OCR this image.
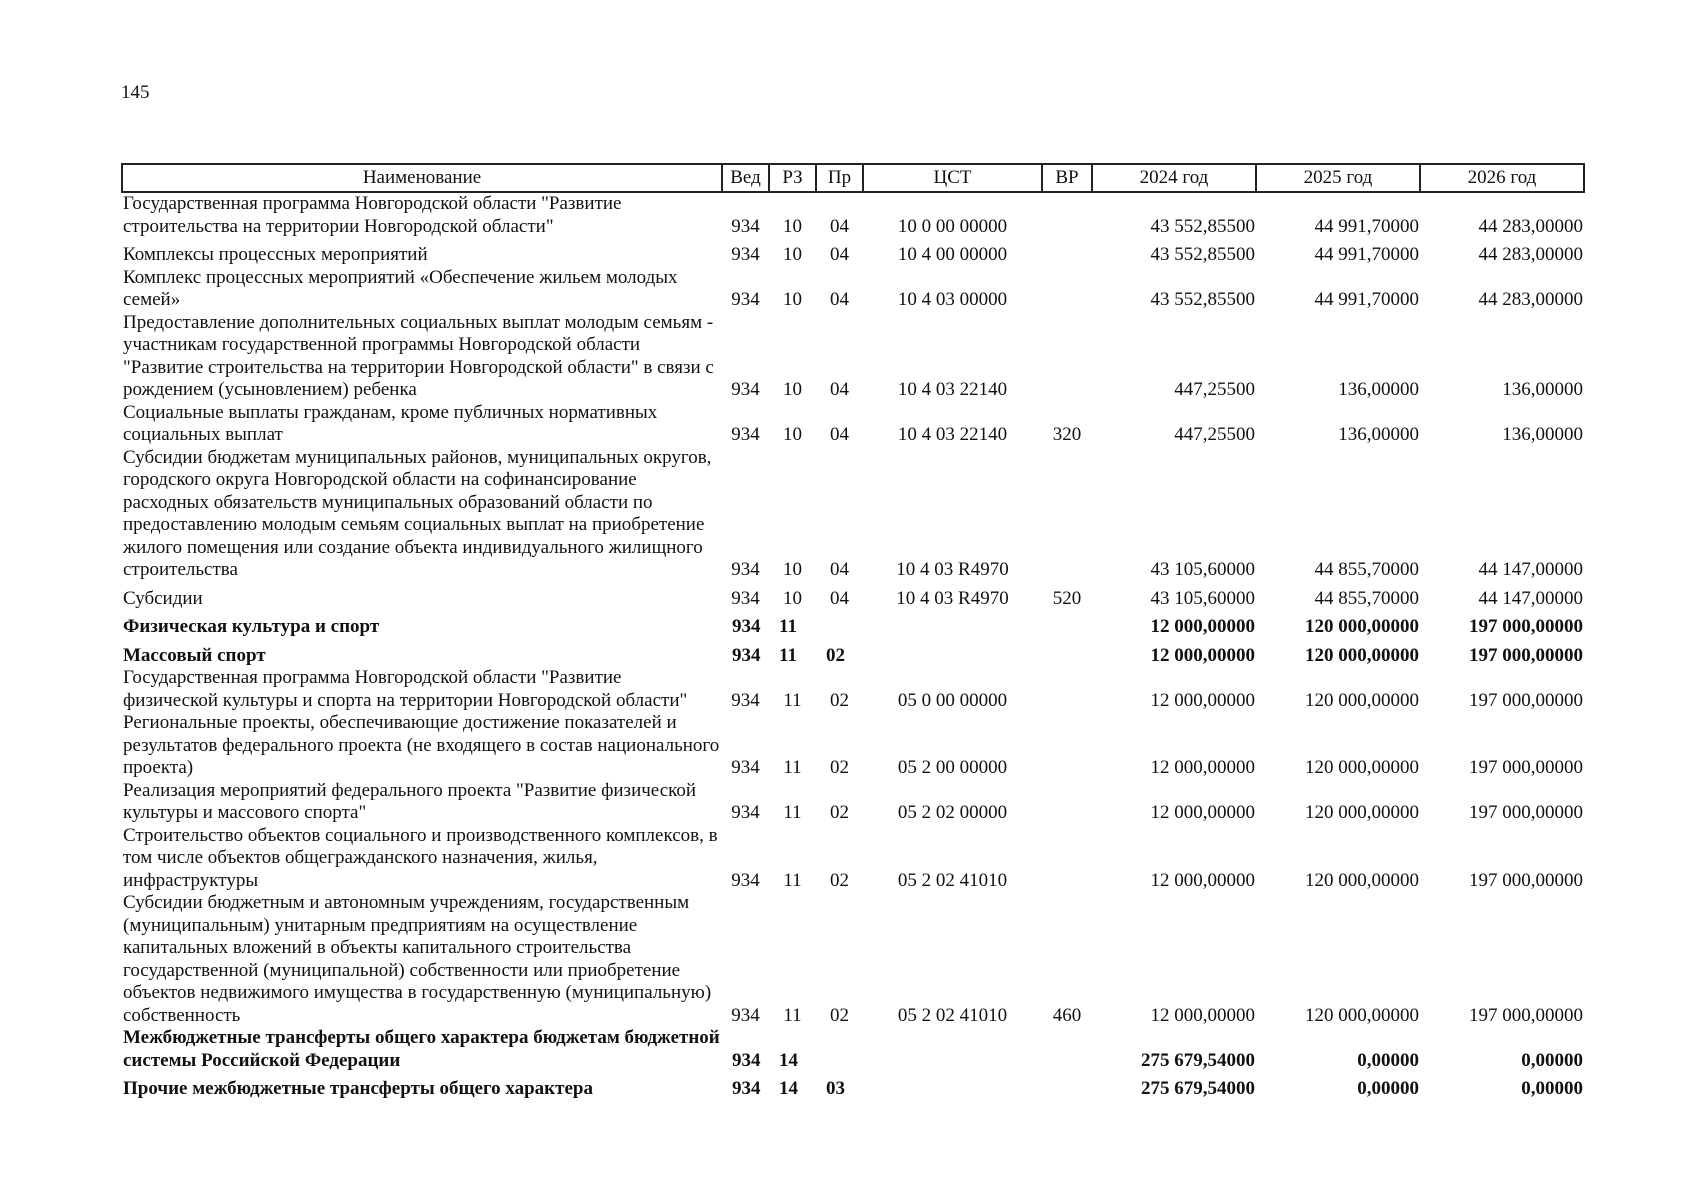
145
Наименование	Вед	РЗ	Пр	ЦСТ	ВР	2024 год	2025 год	2026 год
Государственная программа Новгородской области "Развитие строительства на территории Новгородской области"	934	10	04	10 0 00 00000		43 552,85500	44 991,70000	44 283,00000
Комплексы процессных мероприятий	934	10	04	10 4 00 00000		43 552,85500	44 991,70000	44 283,00000
Комплекс процессных мероприятий «Обеспечение жильем молодых семей»	934	10	04	10 4 03 00000		43 552,85500	44 991,70000	44 283,00000
Предоставление дополнительных социальных выплат молодым семьям - участникам государственной программы Новгородской области "Развитие строительства на территории Новгородской области" в связи с рождением (усыновлением) ребенка	934	10	04	10 4 03 22140		447,25500	136,00000	136,00000
Социальные выплаты гражданам, кроме публичных нормативных социальных выплат	934	10	04	10 4 03 22140	320	447,25500	136,00000	136,00000
Субсидии бюджетам муниципальных районов, муниципальных округов, городского округа Новгородской области на софинансирование расходных обязательств муниципальных образований области по предоставлению молодым семьям социальных выплат на приобретение жилого помещения или создание объекта индивидуального жилищного строительства	934	10	04	10 4 03 R4970		43 105,60000	44 855,70000	44 147,00000
Субсидии	934	10	04	10 4 03 R4970	520	43 105,60000	44 855,70000	44 147,00000
Физическая культура и спорт	934	11				12 000,00000	120 000,00000	197 000,00000
Массовый спорт	934	11	02			12 000,00000	120 000,00000	197 000,00000
Государственная программа Новгородской области "Развитие физической культуры и спорта на территории Новгородской области"	934	11	02	05 0 00 00000		12 000,00000	120 000,00000	197 000,00000
Региональные проекты, обеспечивающие достижение показателей и результатов федерального проекта (не входящего в состав национального проекта)	934	11	02	05 2 00 00000		12 000,00000	120 000,00000	197 000,00000
Реализация мероприятий федерального проекта "Развитие физической культуры и массового спорта"	934	11	02	05 2 02 00000		12 000,00000	120 000,00000	197 000,00000
Строительство объектов социального и производственного комплексов, в том числе объектов общегражданского назначения, жилья, инфраструктуры	934	11	02	05 2 02 41010		12 000,00000	120 000,00000	197 000,00000
Субсидии бюджетным и автономным учреждениям, государственным (муниципальным) унитарным предприятиям на осуществление капитальных вложений в объекты капитального строительства государственной (муниципальной) собственности или приобретение объектов недвижимого имущества в государственную (муниципальную) собственность	934	11	02	05 2 02 41010	460	12 000,00000	120 000,00000	197 000,00000
Межбюджетные трансферты общего характера бюджетам бюджетной системы Российской Федерации	934	14				275 679,54000	0,00000	0,00000
Прочие межбюджетные трансферты общего характера	934	14	03			275 679,54000	0,00000	0,00000
